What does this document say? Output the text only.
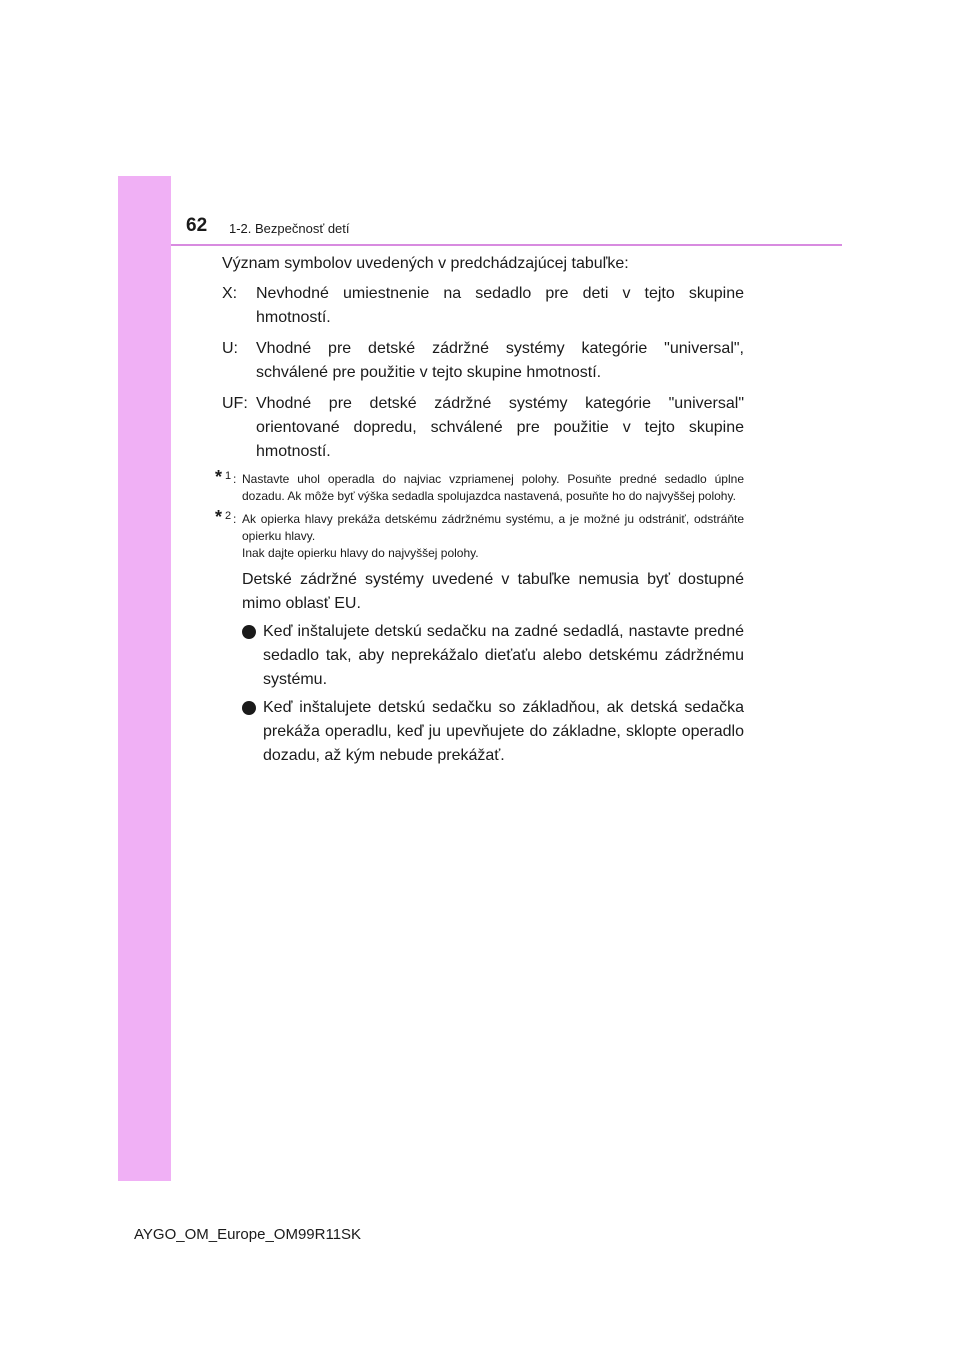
62 1-2. Bezpečnosť detí

Význam symbolov uvedených v predchádzajúcej tabuľke:

X:	Nevhodné umiestnenie na sedadlo pre deti v tejto skupine hmotností.
U:	Vhodné pre detské zádržné systémy kategórie "universal", schválené pre použitie v tejto skupine hmotností.
UF: Vhodné pre detské zádržné systémy kategórie "universal" orientované dopredu, schválené pre použitie v tejto skupine hmotností.
* 1 : Nastavte uhol operadla do najviac vzpriamenej polohy. Posuňte predné sedadlo úplne dozadu. Ak môže byť výška sedadla spolujazdca nastavená, posuňte ho do najvyššej polohy.
* 2 : Ak opierka hlavy prekáža detskému zádržnému systému, a je možné ju odstrániť, odstráňte opierku hlavy.
Inak dajte opierku hlavy do najvyššej polohy.

Detské zádržné systémy uvedené v tabuľke nemusia byť dostupné mimo oblasť EU.

Keď inštalujete detskú sedačku na zadné sedadlá, nastavte predné sedadlo tak, aby neprekážalo dieťaťu alebo detskému zádržnému systému.
Keď inštalujete detskú sedačku so základňou, ak detská sedačka prekáža operadlu, keď ju upevňujete do základne, sklopte operadlo dozadu, až kým nebude prekážať.
AYGO_OM_Europe_OM99R11SK
